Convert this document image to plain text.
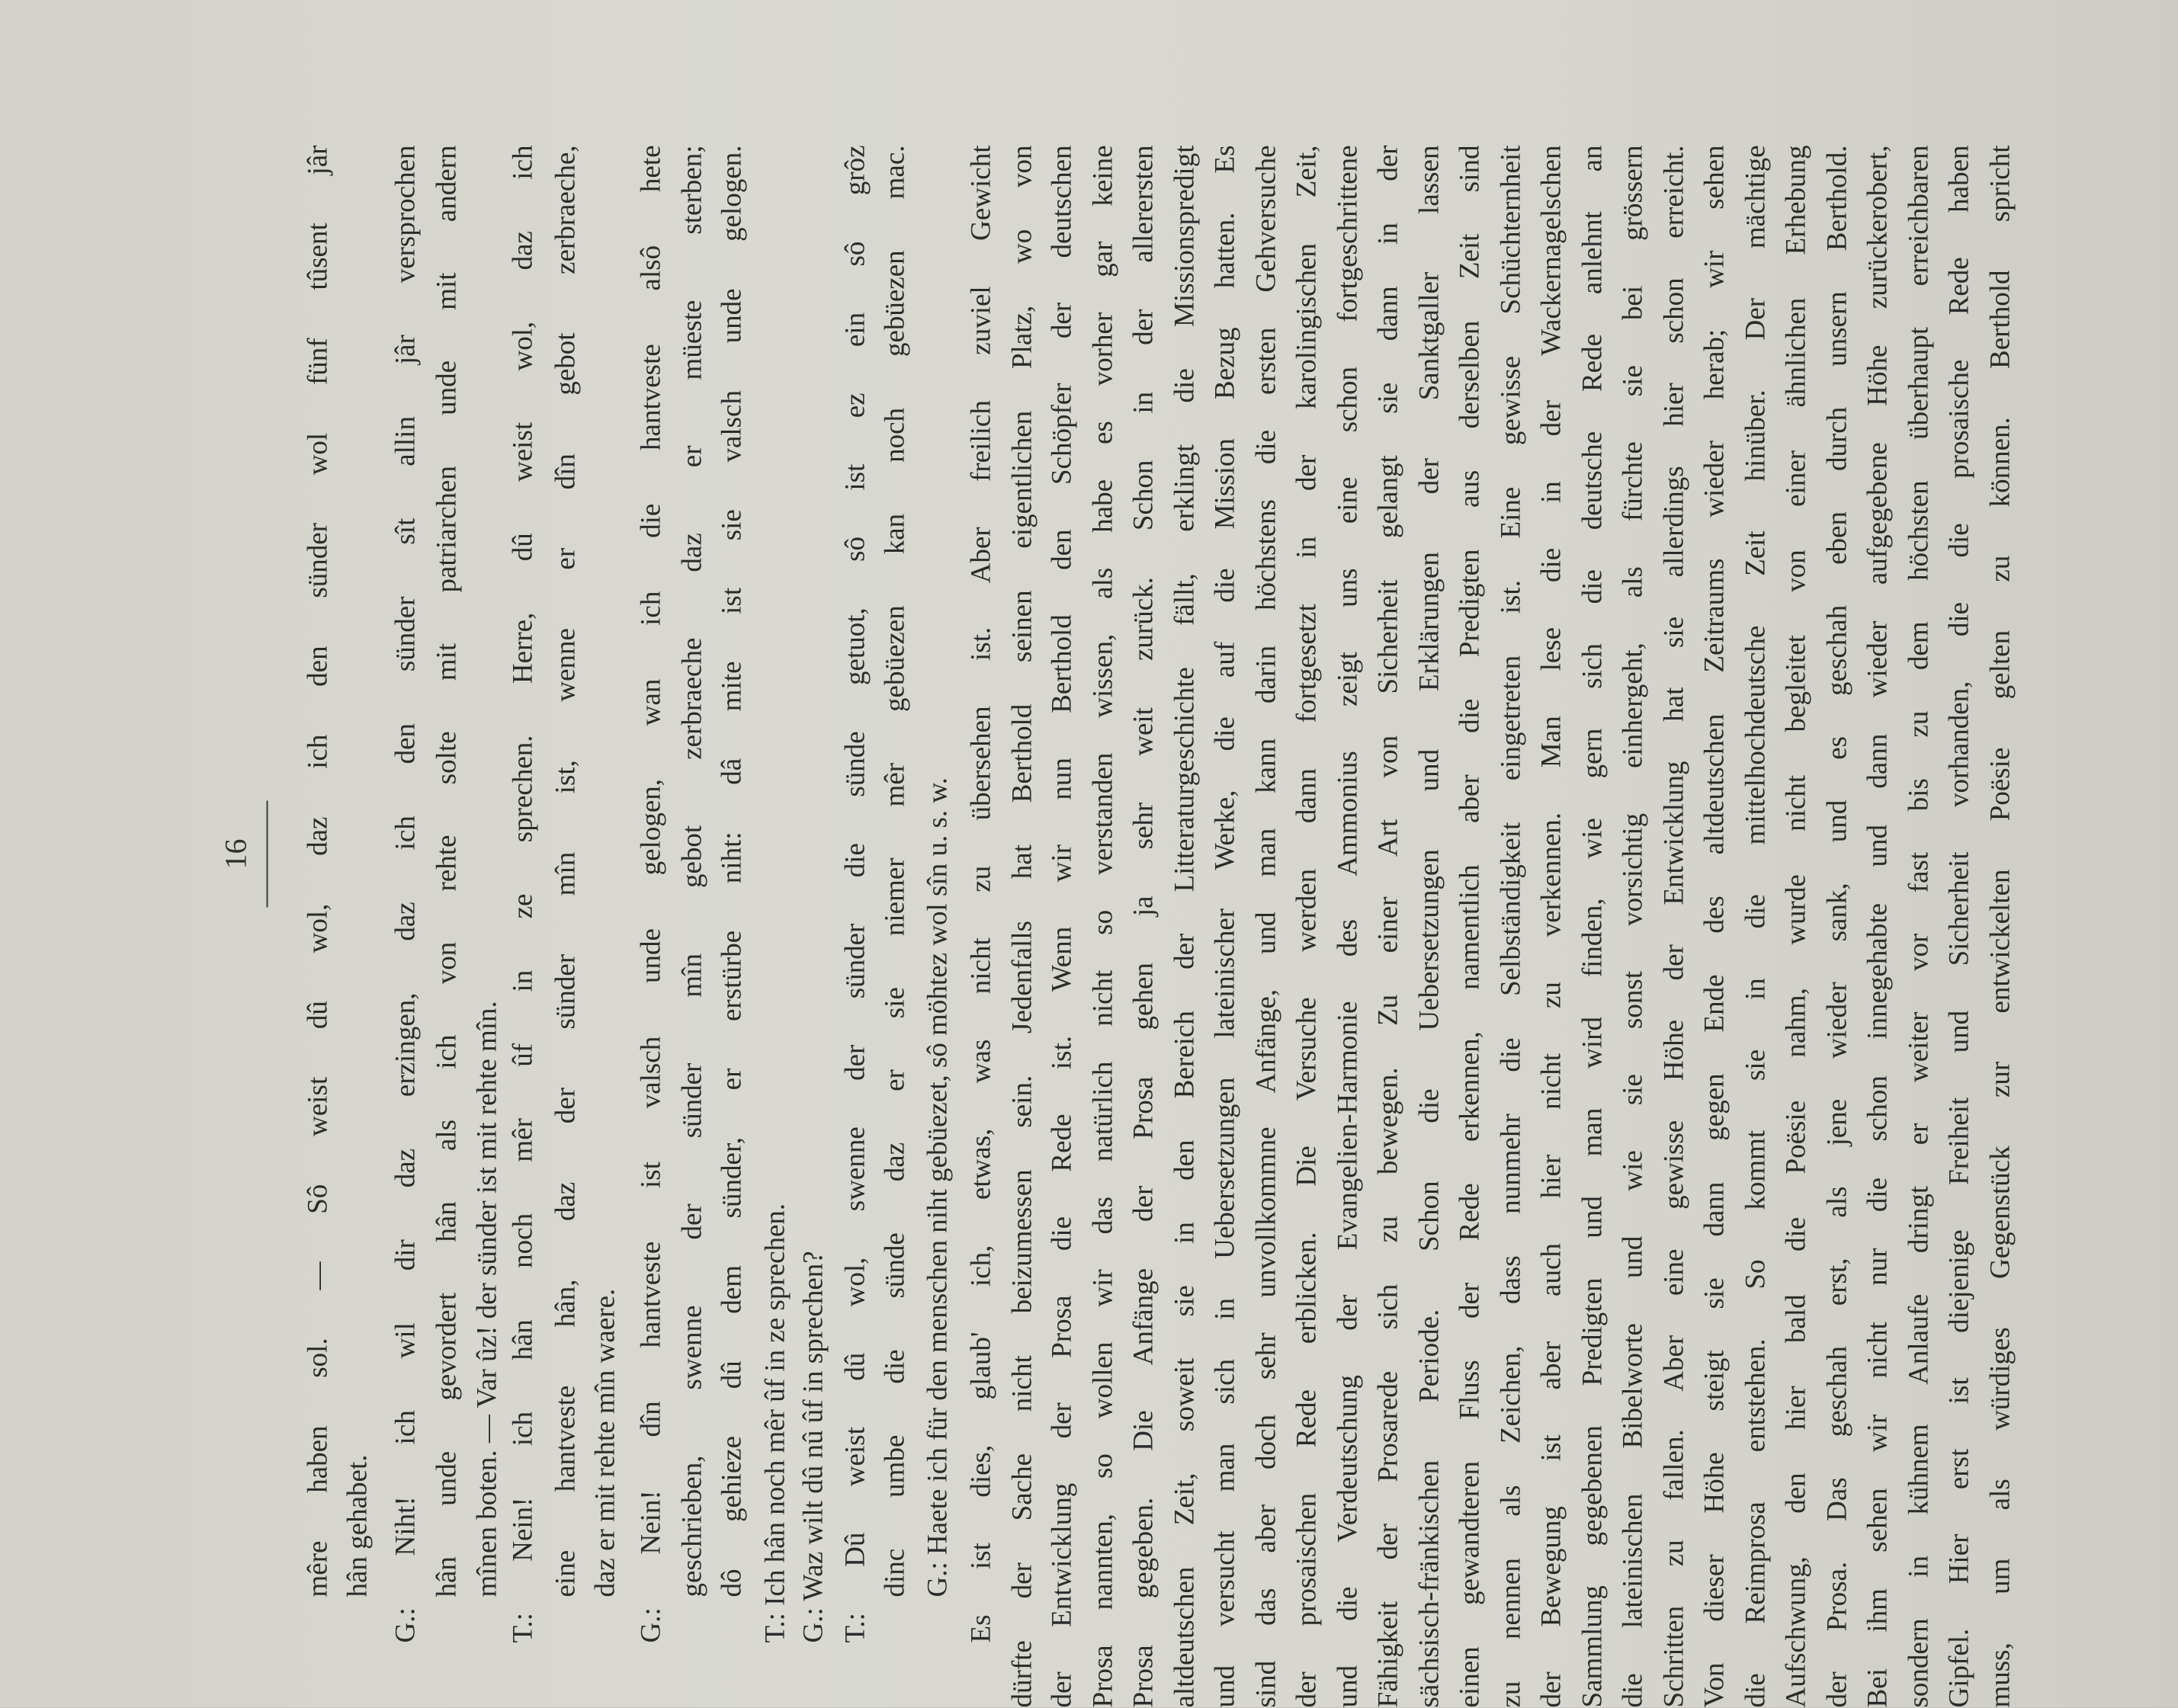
16 mêre haben sol. — Sô weist dû wol, daz ich den sünder wol fünf tûsent jâr hân gehabet. G.: Niht! ich wil dir daz erzingen, daz ich den sünder sît allin jâr versprochen hân unde gevordert hân als ich von rehte solte mit patriarchen unde mit andern mînen boten. — Var ûz! der sünder ist mit rehte mîn. T.: Nein! ich hân noch mêr ûf in ze sprechen. Herre, dû weist wol, daz ich eine hantveste hân, daz der sünder mîn ist, wenne er dîn gebot zerbraeche, daz er mit rehte mîn waere. G.: Nein! dîn hantveste ist valsch unde gelogen, wan ich die hantveste alsô hete geschrieben, swenne der sünder mîn gebot zerbraeche daz er müeste sterben; dô gehieze dû dem sünder, er erstürbe niht: dâ mite ist sie valsch unde gelogen. T.: Ich hân noch mêr ûf in ze sprechen. G.: Waz wilt dû nû ûf in sprechen? T.: Dû weist dû wol, swenne der sünder die sünde getuot, sô ist ez ein sô grôz dinc umbe die sünde daz er sie niemer mêr gebüezen kan noch gebüezen mac. G.: Haete ich für den menschen niht gebüezet, sô möhtez wol sîn u. s. w. Es ist dies, glaub' ich, etwas, was nicht zu übersehen ist. Aber freilich zuviel Gewicht dürfte der Sache nicht beizumessen sein. Jedenfalls hat Berthold seinen eigentlichen Platz, wo von der Entwicklung der Prosa die Rede ist. Wenn wir nun Berthold den Schöpfer der deutschen Prosa nannten, so wollen wir das natürlich nicht so verstanden wissen, als habe es vorher gar keine Prosa gegeben. Die Anfänge der Prosa gehen ja sehr weit zurück. Schon in der allerersten altdeutschen Zeit, soweit sie in den Bereich der Litteraturgeschichte fällt, erklingt die Missionspredigt und versucht man sich in Uebersetzungen lateinischer Werke, die auf die Mission Bezug hatten. Es sind das aber doch sehr unvollkommne Anfänge, und man kann darin höchstens die ersten Gehversuche der prosaischen Rede erblicken. Die Versuche werden dann fortgesetzt in der karolingischen Zeit, und die Verdeutschung der Evangelien-Harmonie des Ammonius zeigt uns eine schon fortgeschrittene Fähigkeit der Prosarede sich zu bewegen. Zu einer Art von Sicherheit gelangt sie dann in der sächsisch-fränkischen Periode. Schon die Uebersetzungen und Erklärungen der Sanktgaller lassen einen gewandteren Fluss der Rede erkennen, namentlich aber die Predigten aus derselben Zeit sind zu nennen als Zeichen, dass nunmehr die Selbständigkeit eingetreten ist. Eine gewisse Schüchternheit der Bewegung ist aber auch hier nicht zu verkennen. Man lese die in der Wackernagelschen Sammlung gegebenen Predigten und man wird finden, wie gern sich die deutsche Rede anlehnt an die lateinischen Bibelworte und wie sie sonst vorsichtig einhergeht, als fürchte sie bei grössern Schritten zu fallen. Aber eine gewisse Höhe der Entwicklung hat sie allerdings hier schon erreicht. Von dieser Höhe steigt sie dann gegen Ende des altdeutschen Zeitraums wieder herab; wir sehen die Reimprosa entstehen. So kommt sie in die mittelhochdeutsche Zeit hinüber. Der mächtige Aufschwung, den hier bald die Poësie nahm, wurde nicht begleitet von einer ähnlichen Erhebung der Prosa. Das geschah erst, als jene wieder sank, und es geschah eben durch unsern Berthold. Bei ihm sehen wir nicht nur die schon innegehabte und dann wieder aufgegebene Höhe zurückerobert, sondern in kühnem Anlaufe dringt er weiter vor fast bis zu dem höchsten überhaupt erreichbaren Gipfel. Hier erst ist diejenige Freiheit und Sicherheit vorhanden, die die prosaische Rede haben muss, um als würdiges Gegenstück zur entwickelten Poësie gelten zu können. Berthold spricht
